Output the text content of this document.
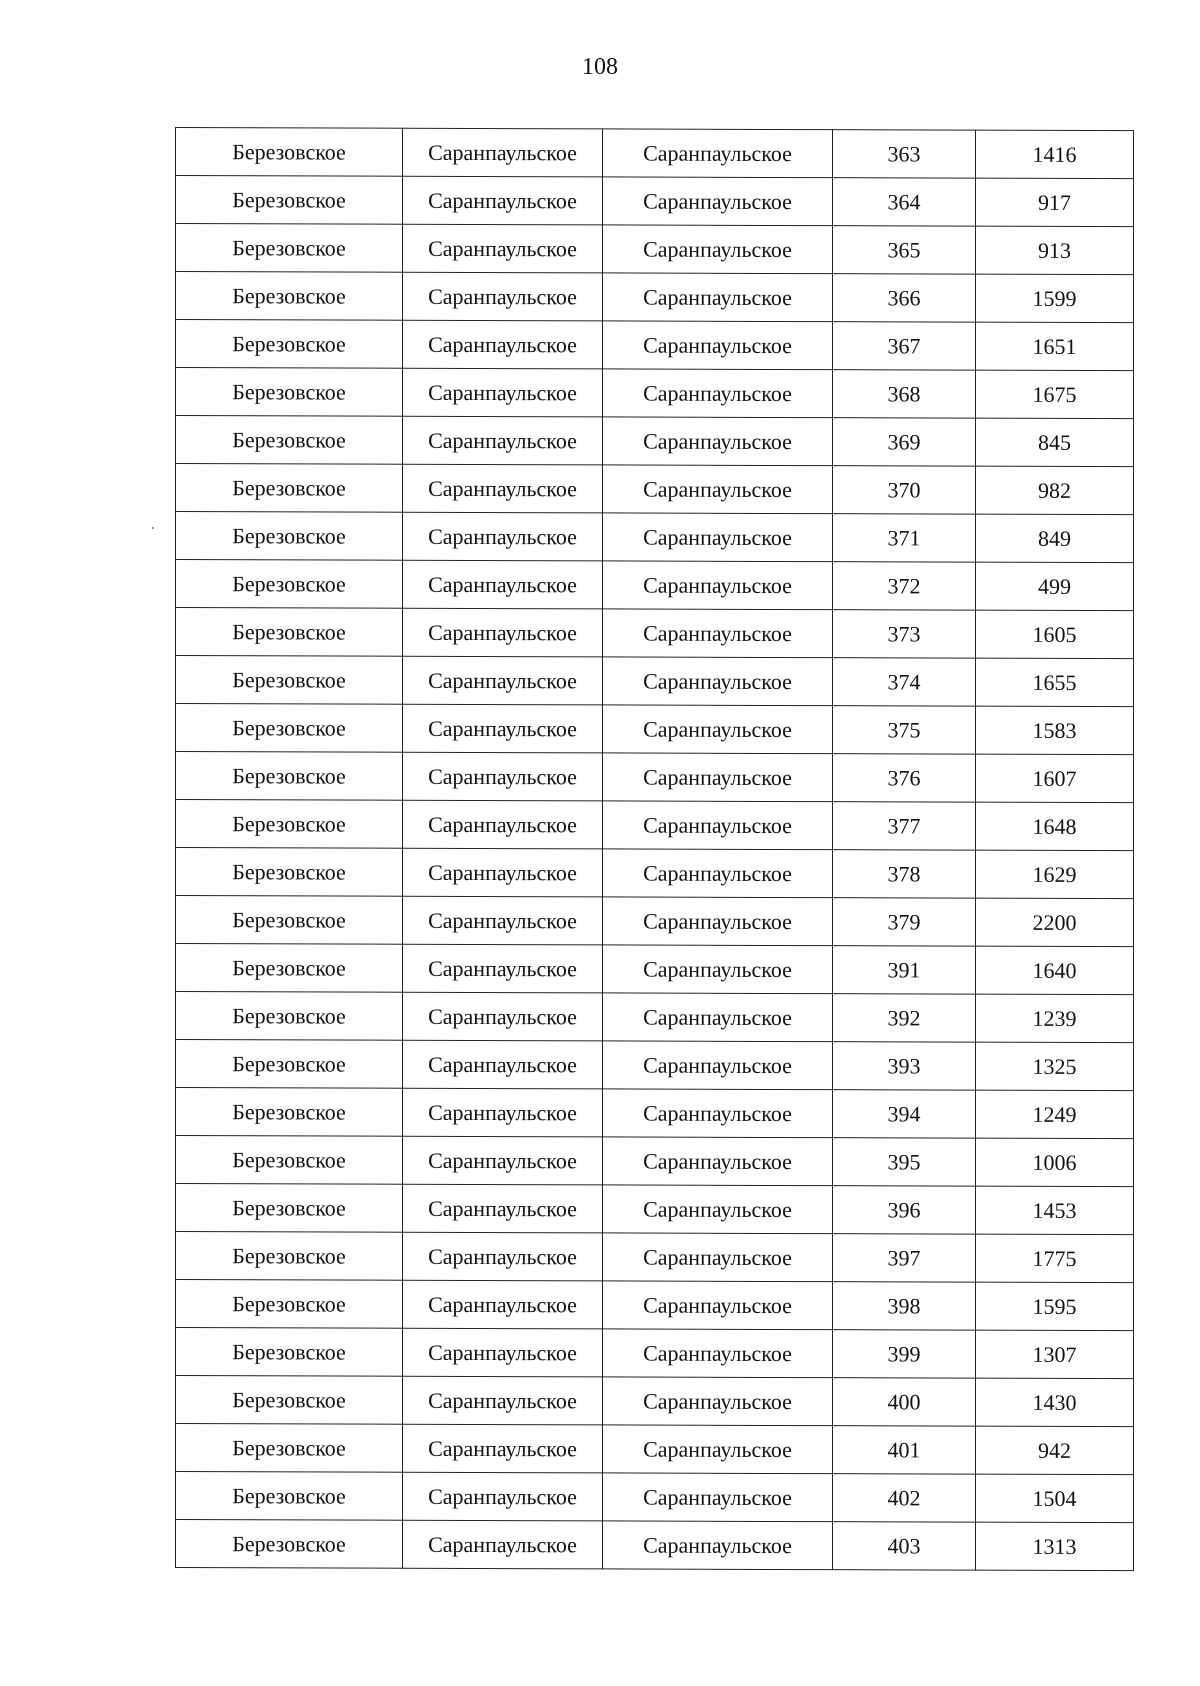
108
Березовское	Саранпаульское	Саранпаульское	363	1416
Березовское	Саранпаульское	Саранпаульское	364	917
Березовское	Саранпаульское	Саранпаульское	365	913
Березовское	Саранпаульское	Саранпаульское	366	1599
Березовское	Саранпаульское	Саранпаульское	367	1651
Березовское	Саранпаульское	Саранпаульское	368	1675
Березовское	Саранпаульское	Саранпаульское	369	845
Березовское	Саранпаульское	Саранпаульское	370	982
Березовское	Саранпаульское	Саранпаульское	371	849
Березовское	Саранпаульское	Саранпаульское	372	499
Березовское	Саранпаульское	Саранпаульское	373	1605
Березовское	Саранпаульское	Саранпаульское	374	1655
Березовское	Саранпаульское	Саранпаульское	375	1583
Березовское	Саранпаульское	Саранпаульское	376	1607
Березовское	Саранпаульское	Саранпаульское	377	1648
Березовское	Саранпаульское	Саранпаульское	378	1629
Березовское	Саранпаульское	Саранпаульское	379	2200
Березовское	Саранпаульское	Саранпаульское	391	1640
Березовское	Саранпаульское	Саранпаульское	392	1239
Березовское	Саранпаульское	Саранпаульское	393	1325
Березовское	Саранпаульское	Саранпаульское	394	1249
Березовское	Саранпаульское	Саранпаульское	395	1006
Березовское	Саранпаульское	Саранпаульское	396	1453
Березовское	Саранпаульское	Саранпаульское	397	1775
Березовское	Саранпаульское	Саранпаульское	398	1595
Березовское	Саранпаульское	Саранпаульское	399	1307
Березовское	Саранпаульское	Саранпаульское	400	1430
Березовское	Саранпаульское	Саранпаульское	401	942
Березовское	Саранпаульское	Саранпаульское	402	1504
Березовское	Саранпаульское	Саранпаульское	403	1313
